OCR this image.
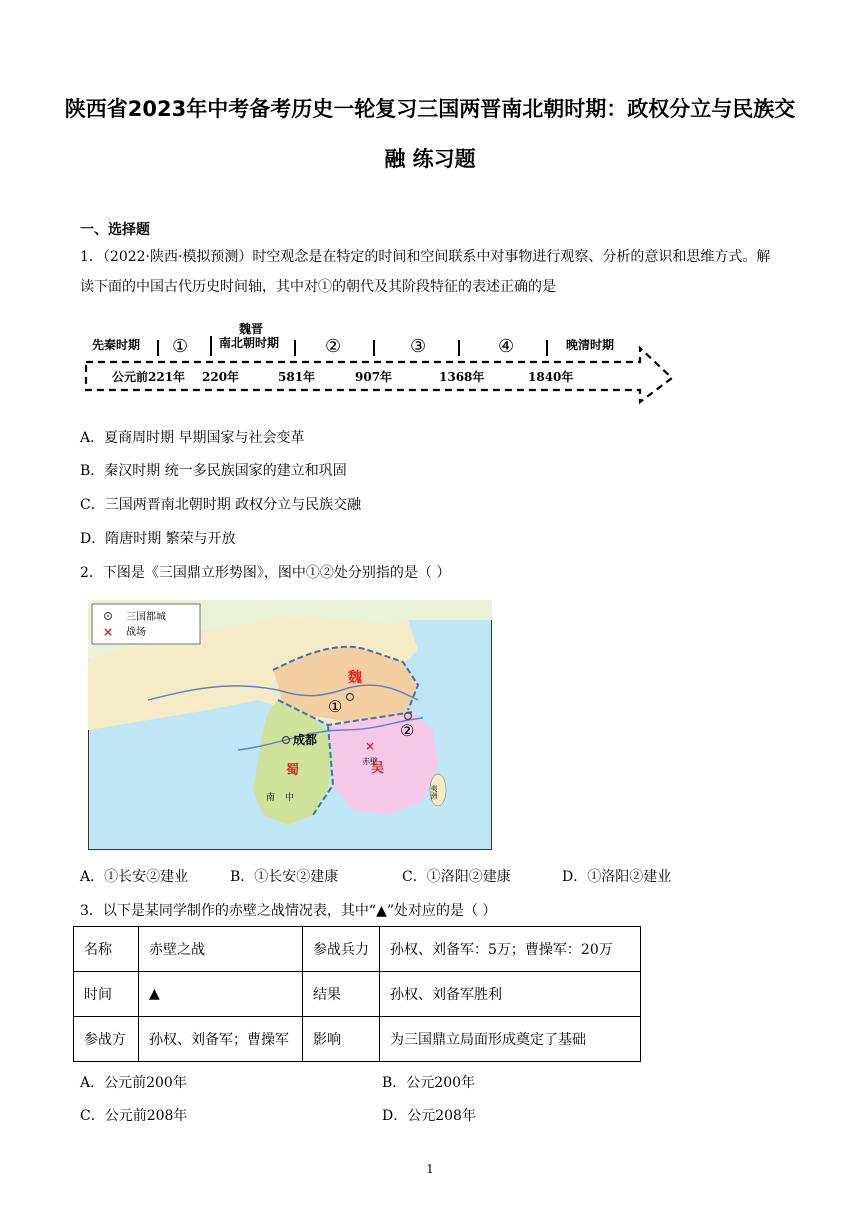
陕西省2023年中考备考历史一轮复习三国两晋南北朝时期：政权分立与民族交融 练习题
一、选择题
1．（2022·陕西·模拟预测）时空观念是在特定的时间和空间联系中对事物进行观察、分析的意识和思维方式。解读下面的中国古代历史时间轴，其中对①的朝代及其阶段特征的表述正确的是
先秦时期 ①
魏晋
南北朝时期	②	③	④	晚清时期
公元前221年 220年	581年	907年	1368年	1840年
A．夏商周时期 早期国家与社会变革
B．秦汉时期 统一多民族国家的建立和巩固
C．三国两晋南北朝时期 政权分立与民族交融
D．隋唐时期 繁荣与开放
2．下图是《三国鼎立形势图》，图中①②处分别指的是（ ）
三国都城
× 战场
魏
蜀	吴
成都	×
赤壁
南中	夷洲
①
②
A．①长安②建业	B．①长安②建康	C．①洛阳②建康	D．①洛阳②建业
3．以下是某同学制作的赤壁之战情况表，其中“▲”处对应的是（ ）
名称	赤壁之战	参战兵力	孙权、刘备军：5万；曹操军：20万
时间	▲	结果	孙权、刘备军胜利
参战方	孙权、刘备军；曹操军	影响	为三国鼎立局面形成奠定了基础
A．公元前200年	B．公元200年
C．公元前208年	D．公元208年
1
